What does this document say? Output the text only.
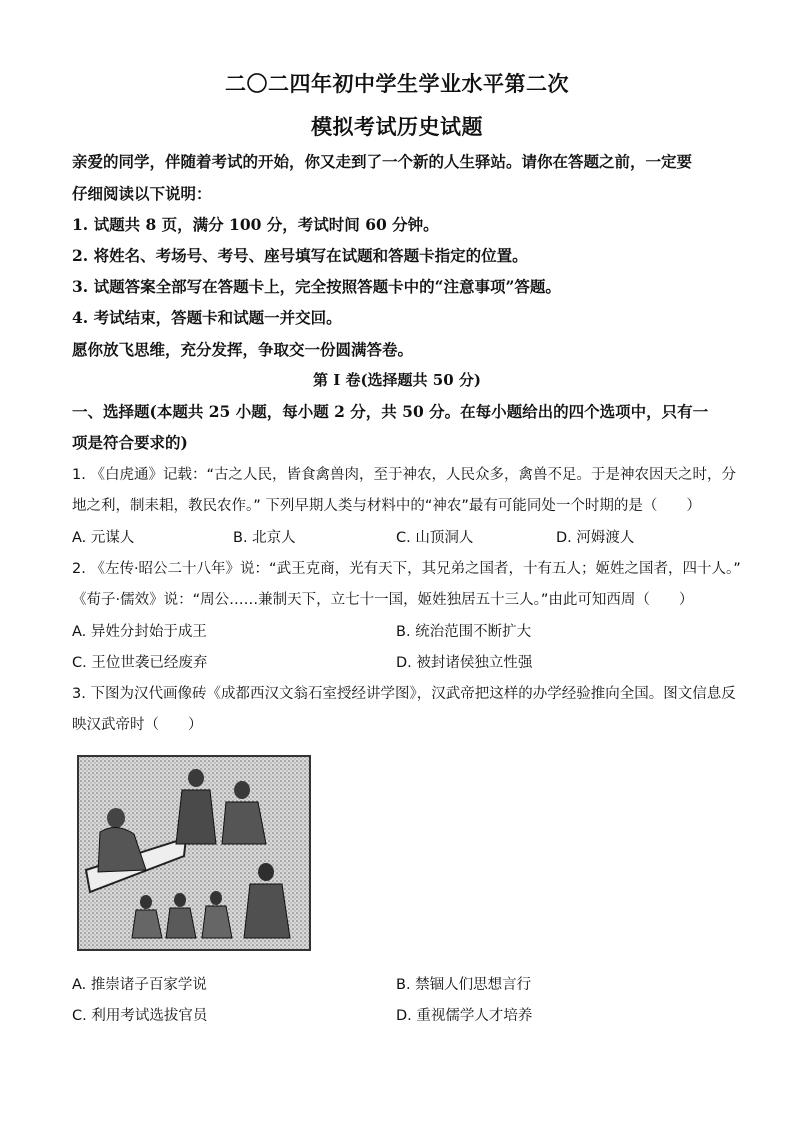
二〇二四年初中学生学业水平第二次
模拟考试历史试题
亲爱的同学，伴随着考试的开始，你又走到了一个新的人生驿站。请你在答题之前，一定要
仔细阅读以下说明：
1. 试题共 8 页，满分 100 分，考试时间 60 分钟。
2. 将姓名、考场号、考号、座号填写在试题和答题卡指定的位置。
3. 试题答案全部写在答题卡上，完全按照答题卡中的“注意事项”答题。
4. 考试结束，答题卡和试题一并交回。
愿你放飞思维，充分发挥，争取交一份圆满答卷。
第 I 卷(选择题共 50 分)
一、选择题(本题共 25 小题，每小题 2 分，共 50 分。在每小题给出的四个选项中，只有一
项是符合要求的)
1. 《白虎通》记载：“古之人民，皆食禽兽肉，至于神农，人民众多，禽兽不足。于是神农因天之时，分
地之利，制耒耜，教民农作。” 下列早期人类与材料中的“神农”最有可能同处一个时期的是（　　）
A. 元谋人	B. 北京人	C. 山顶洞人	D. 河姆渡人
2. 《左传·昭公二十八年》说：“武王克商，光有天下，其兄弟之国者，十有五人；姬姓之国者，四十人。”
《荀子·儒效》说：“周公……兼制天下，立七十一国，姬姓独居五十三人。”由此可知西周（　　）
A. 异姓分封始于成王	B. 统治范围不断扩大
C. 王位世袭已经废弃	D. 被封诸侯独立性强
3. 下图为汉代画像砖《成都西汉文翁石室授经讲学图》，汉武帝把这样的办学经验推向全国。图文信息反
映汉武帝时（　　）
A. 推崇诸子百家学说	B. 禁锢人们思想言行
C. 利用考试选拔官员	D. 重视儒学人才培养
